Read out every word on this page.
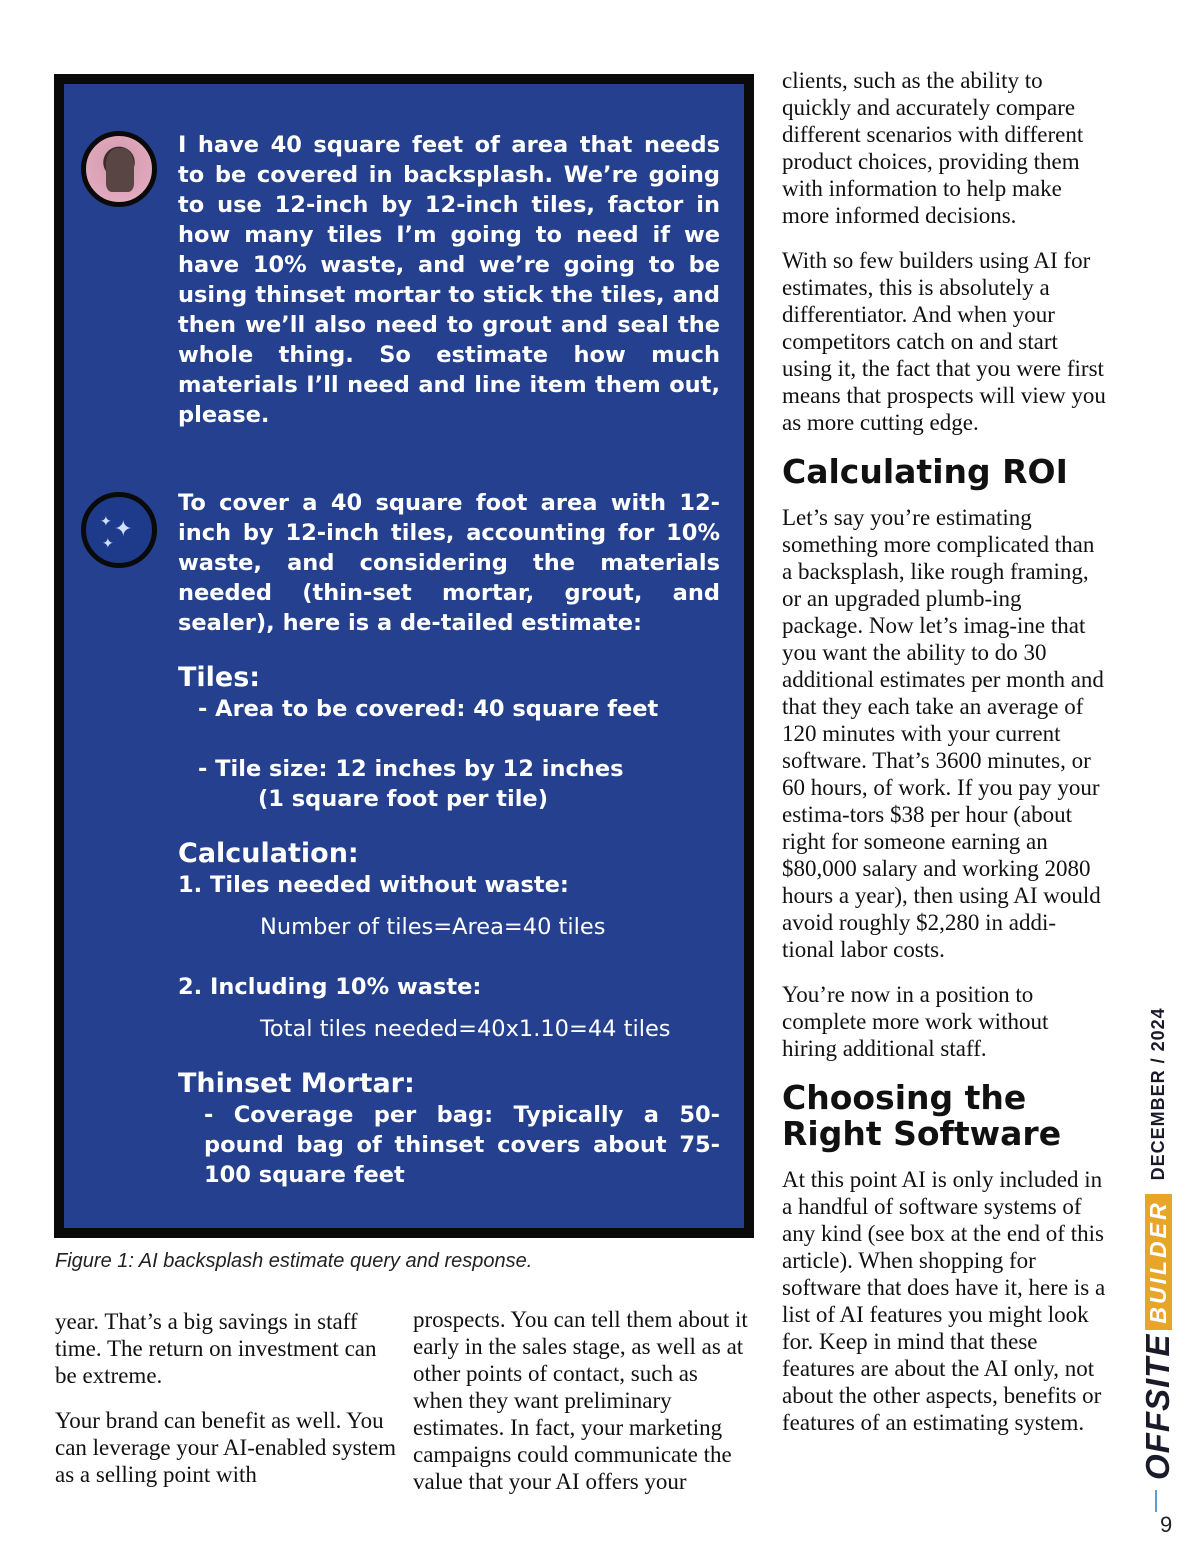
I have 40 square feet of area that needs to be covered in backsplash. We’re going to use 12-inch by 12-inch tiles, factor in how many tiles I’m going to need if we have 10% waste, and we’re going to be using thinset mortar to stick the tiles, and then we’ll also need to grout and seal the whole thing. So estimate how much materials I’ll need and line item them out, please.
✦ ✦
✦
To cover a 40 square foot area with 12-inch by 12-inch tiles, accounting for 10% waste, and considering the materials needed (thin-set mortar, grout, and sealer), here is a de-tailed estimate:
Tiles:
- Area to be covered: 40 square feet
- Tile size: 12 inches by 12 inches
(1 square foot per tile)
Calculation:
1. Tiles needed without waste:
Number of tiles=Area=40 tiles
2. Including 10% waste:
Total tiles needed=40x1.10=44 tiles
Thinset Mortar:
- Coverage per bag: Typically a 50-pound bag of thinset covers about 75-100 square feet
Figure 1: AI backsplash estimate query and response.

year. That’s a big savings in staff time. The return on investment can be extreme.

Your brand can benefit as well. You can leverage your AI-enabled system as a selling point with

prospects. You can tell them about it early in the sales stage, as well as at other points of contact, such as when they want preliminary estimates. In fact, your marketing campaigns could communicate the value that your AI offers your

clients, such as the ability to quickly and accurately compare different scenarios with different product choices, providing them with information to help make more informed decisions.

With so few builders using AI for estimates, this is absolutely a differentiator. And when your competitors catch on and start using it, the fact that you were first means that prospects will view you as more cutting edge.

Calculating ROI

Let’s say you’re estimating something more complicated than a backsplash, like rough framing, or an upgraded plumb-ing package. Now let’s imag-ine that you want the ability to do 30 additional estimates per month and that they each take an average of 120 minutes with your current software. That’s 3600 minutes, or 60 hours, of work. If you pay your estima-tors $38 per hour (about right for someone earning an $80,000 salary and working 2080 hours a year), then using AI would avoid roughly $2,280 in addi-tional labor costs.

You’re now in a position to complete more work without hiring additional staff.

Choosing the Right Software

At this point AI is only included in a handful of software systems of any kind (see box at the end of this article). When shopping for software that does have it, here is a list of AI features you might look for. Keep in mind that these features are about the AI only, not about the other aspects, benefits or features of an estimating system.	OFFSITE
BUILDER
DECEMBER / 2024
9
